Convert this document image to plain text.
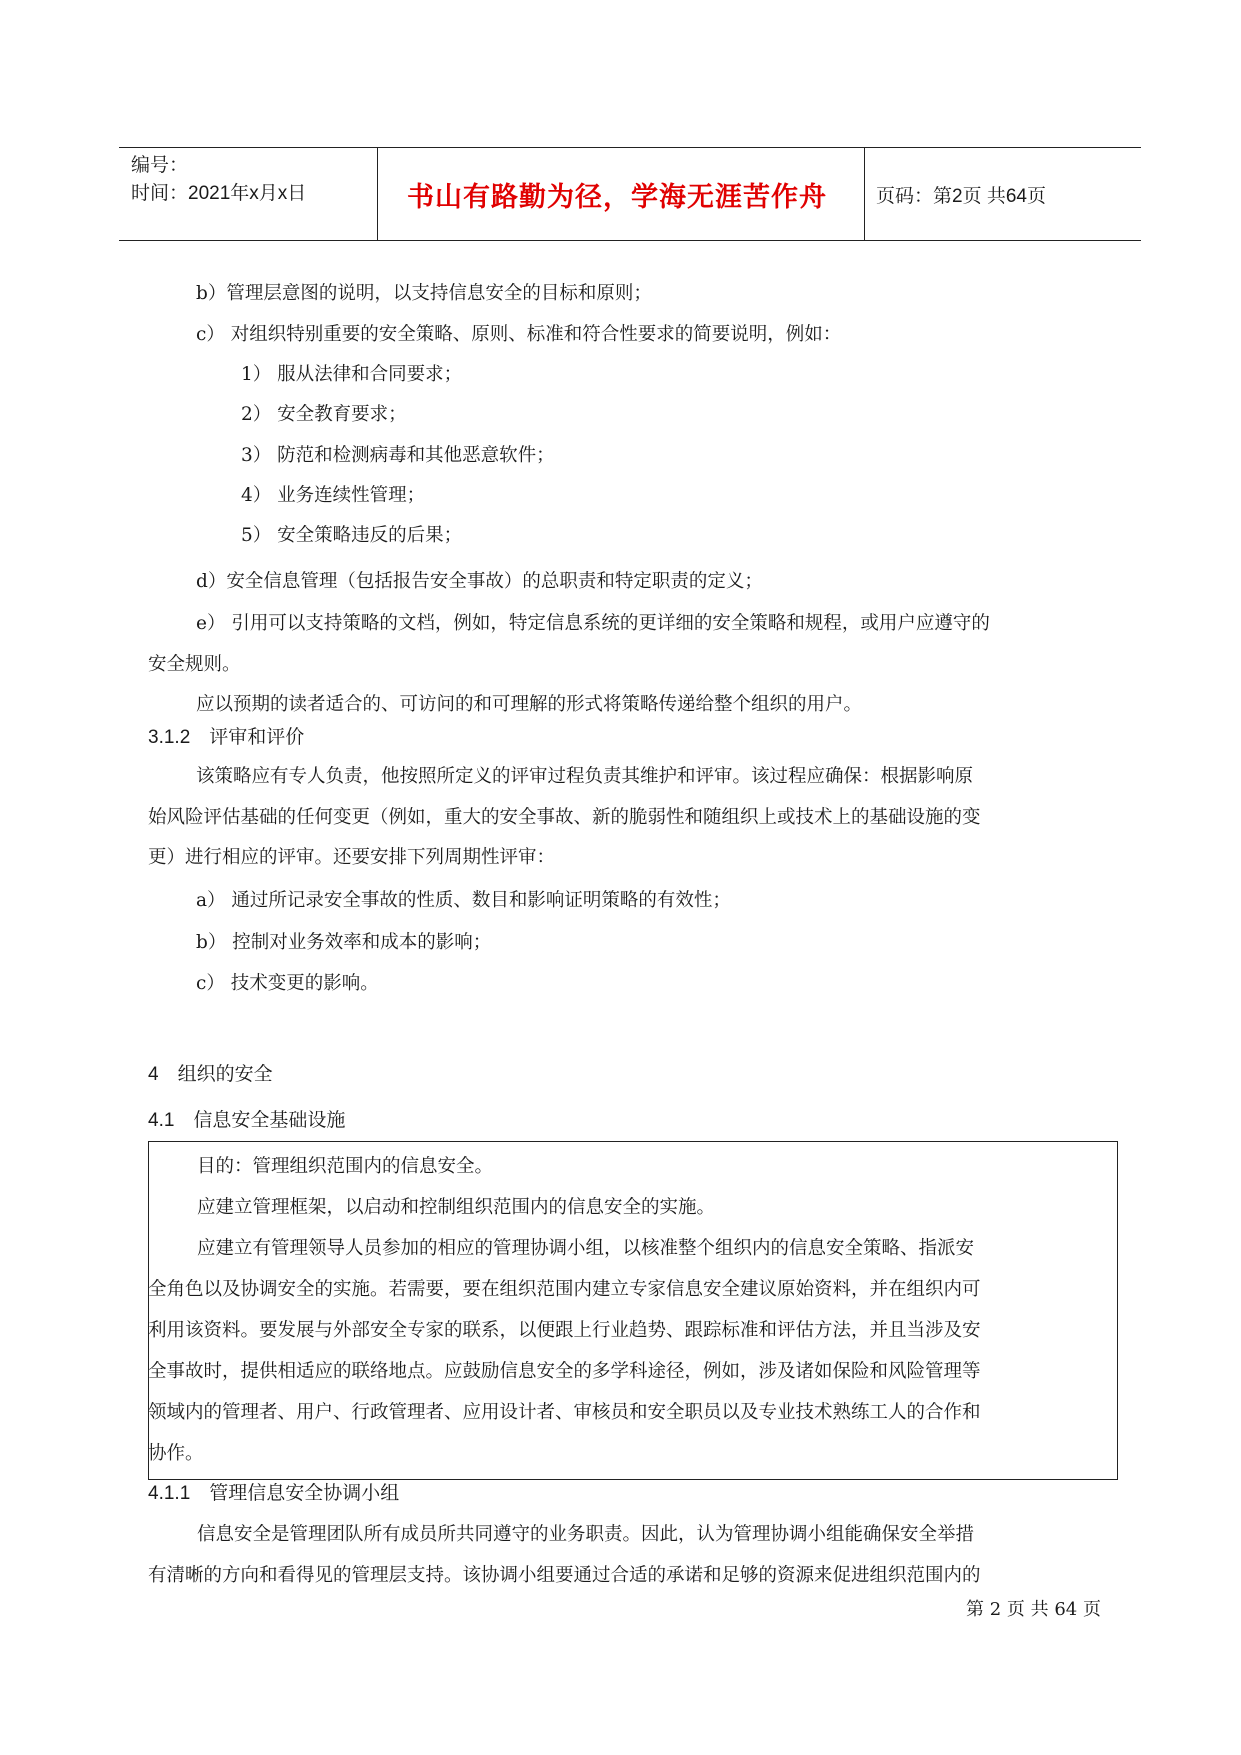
编号：
时间：2021年x月x日	书山有路勤为径，学海无涯苦作舟	页码：第2页 共64页
b）管理层意图的说明，以支持信息安全的目标和原则；
c） 对组织特别重要的安全策略、原则、标准和符合性要求的简要说明，例如：
1） 服从法律和合同要求；
2） 安全教育要求；
3） 防范和检测病毒和其他恶意软件；
4） 业务连续性管理；
5） 安全策略违反的后果；
d）安全信息管理（包括报告安全事故）的总职责和特定职责的定义；
e） 引用可以支持策略的文档，例如，特定信息系统的更详细的安全策略和规程，或用户应遵守的
安全规则。
应以预期的读者适合的、可访问的和可理解的形式将策略传递给整个组织的用户。
3.1.2　评审和评价
该策略应有专人负责，他按照所定义的评审过程负责其维护和评审。该过程应确保：根据影响原
始风险评估基础的任何变更（例如，重大的安全事故、新的脆弱性和随组织上或技术上的基础设施的变
更）进行相应的评审。还要安排下列周期性评审：
a） 通过所记录安全事故的性质、数目和影响证明策略的有效性；
b） 控制对业务效率和成本的影响；
c） 技术变更的影响。
4　组织的安全
4.1　信息安全基础设施
目的：管理组织范围内的信息安全。
应建立管理框架，以启动和控制组织范围内的信息安全的实施。
应建立有管理领导人员参加的相应的管理协调小组，以核准整个组织内的信息安全策略、指派安
全角色以及协调安全的实施。若需要，要在组织范围内建立专家信息安全建议原始资料，并在组织内可
利用该资料。要发展与外部安全专家的联系，以便跟上行业趋势、跟踪标准和评估方法，并且当涉及安
全事故时，提供相适应的联络地点。应鼓励信息安全的多学科途径，例如，涉及诸如保险和风险管理等
领域内的管理者、用户、行政管理者、应用设计者、审核员和安全职员以及专业技术熟练工人的合作和
协作。
4.1.1　管理信息安全协调小组
信息安全是管理团队所有成员所共同遵守的业务职责。因此，认为管理协调小组能确保安全举措
有清晰的方向和看得见的管理层支持。该协调小组要通过合适的承诺和足够的资源来促进组织范围内的
第 2 页 共 64 页
